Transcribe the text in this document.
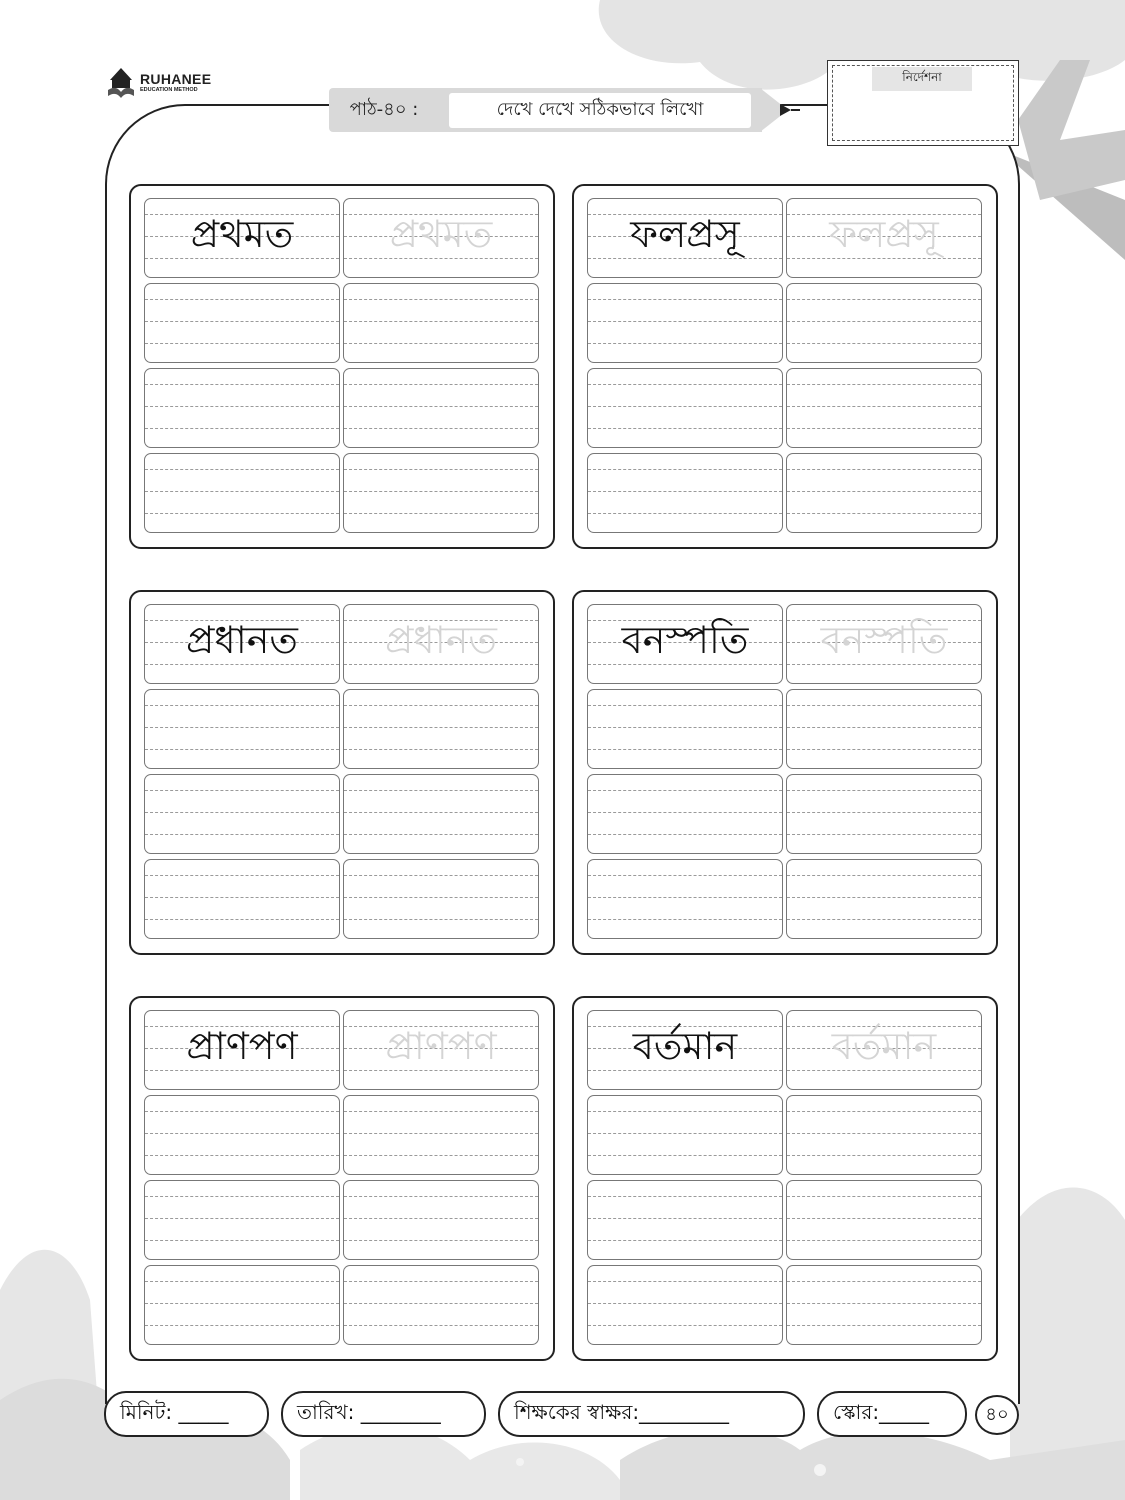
RUHANEE
EDUCATION METHOD
পাঠ-৪০ :	দেখে দেখে সঠিকভাবে লিখো
নির্দেশনা
প্রথমত	প্রথমত	ফলপ্রসূ	ফলপ্রসূ
প্রধানত	প্রধানত	বনস্পতি	বনস্পতি
প্রাণপণ	প্রাণপণ	বর্তমান	বর্তমান
মিনিট: _____	তারিখ: ________	শিক্ষকের স্বাক্ষর:_________	স্কোর:_____	৪০
